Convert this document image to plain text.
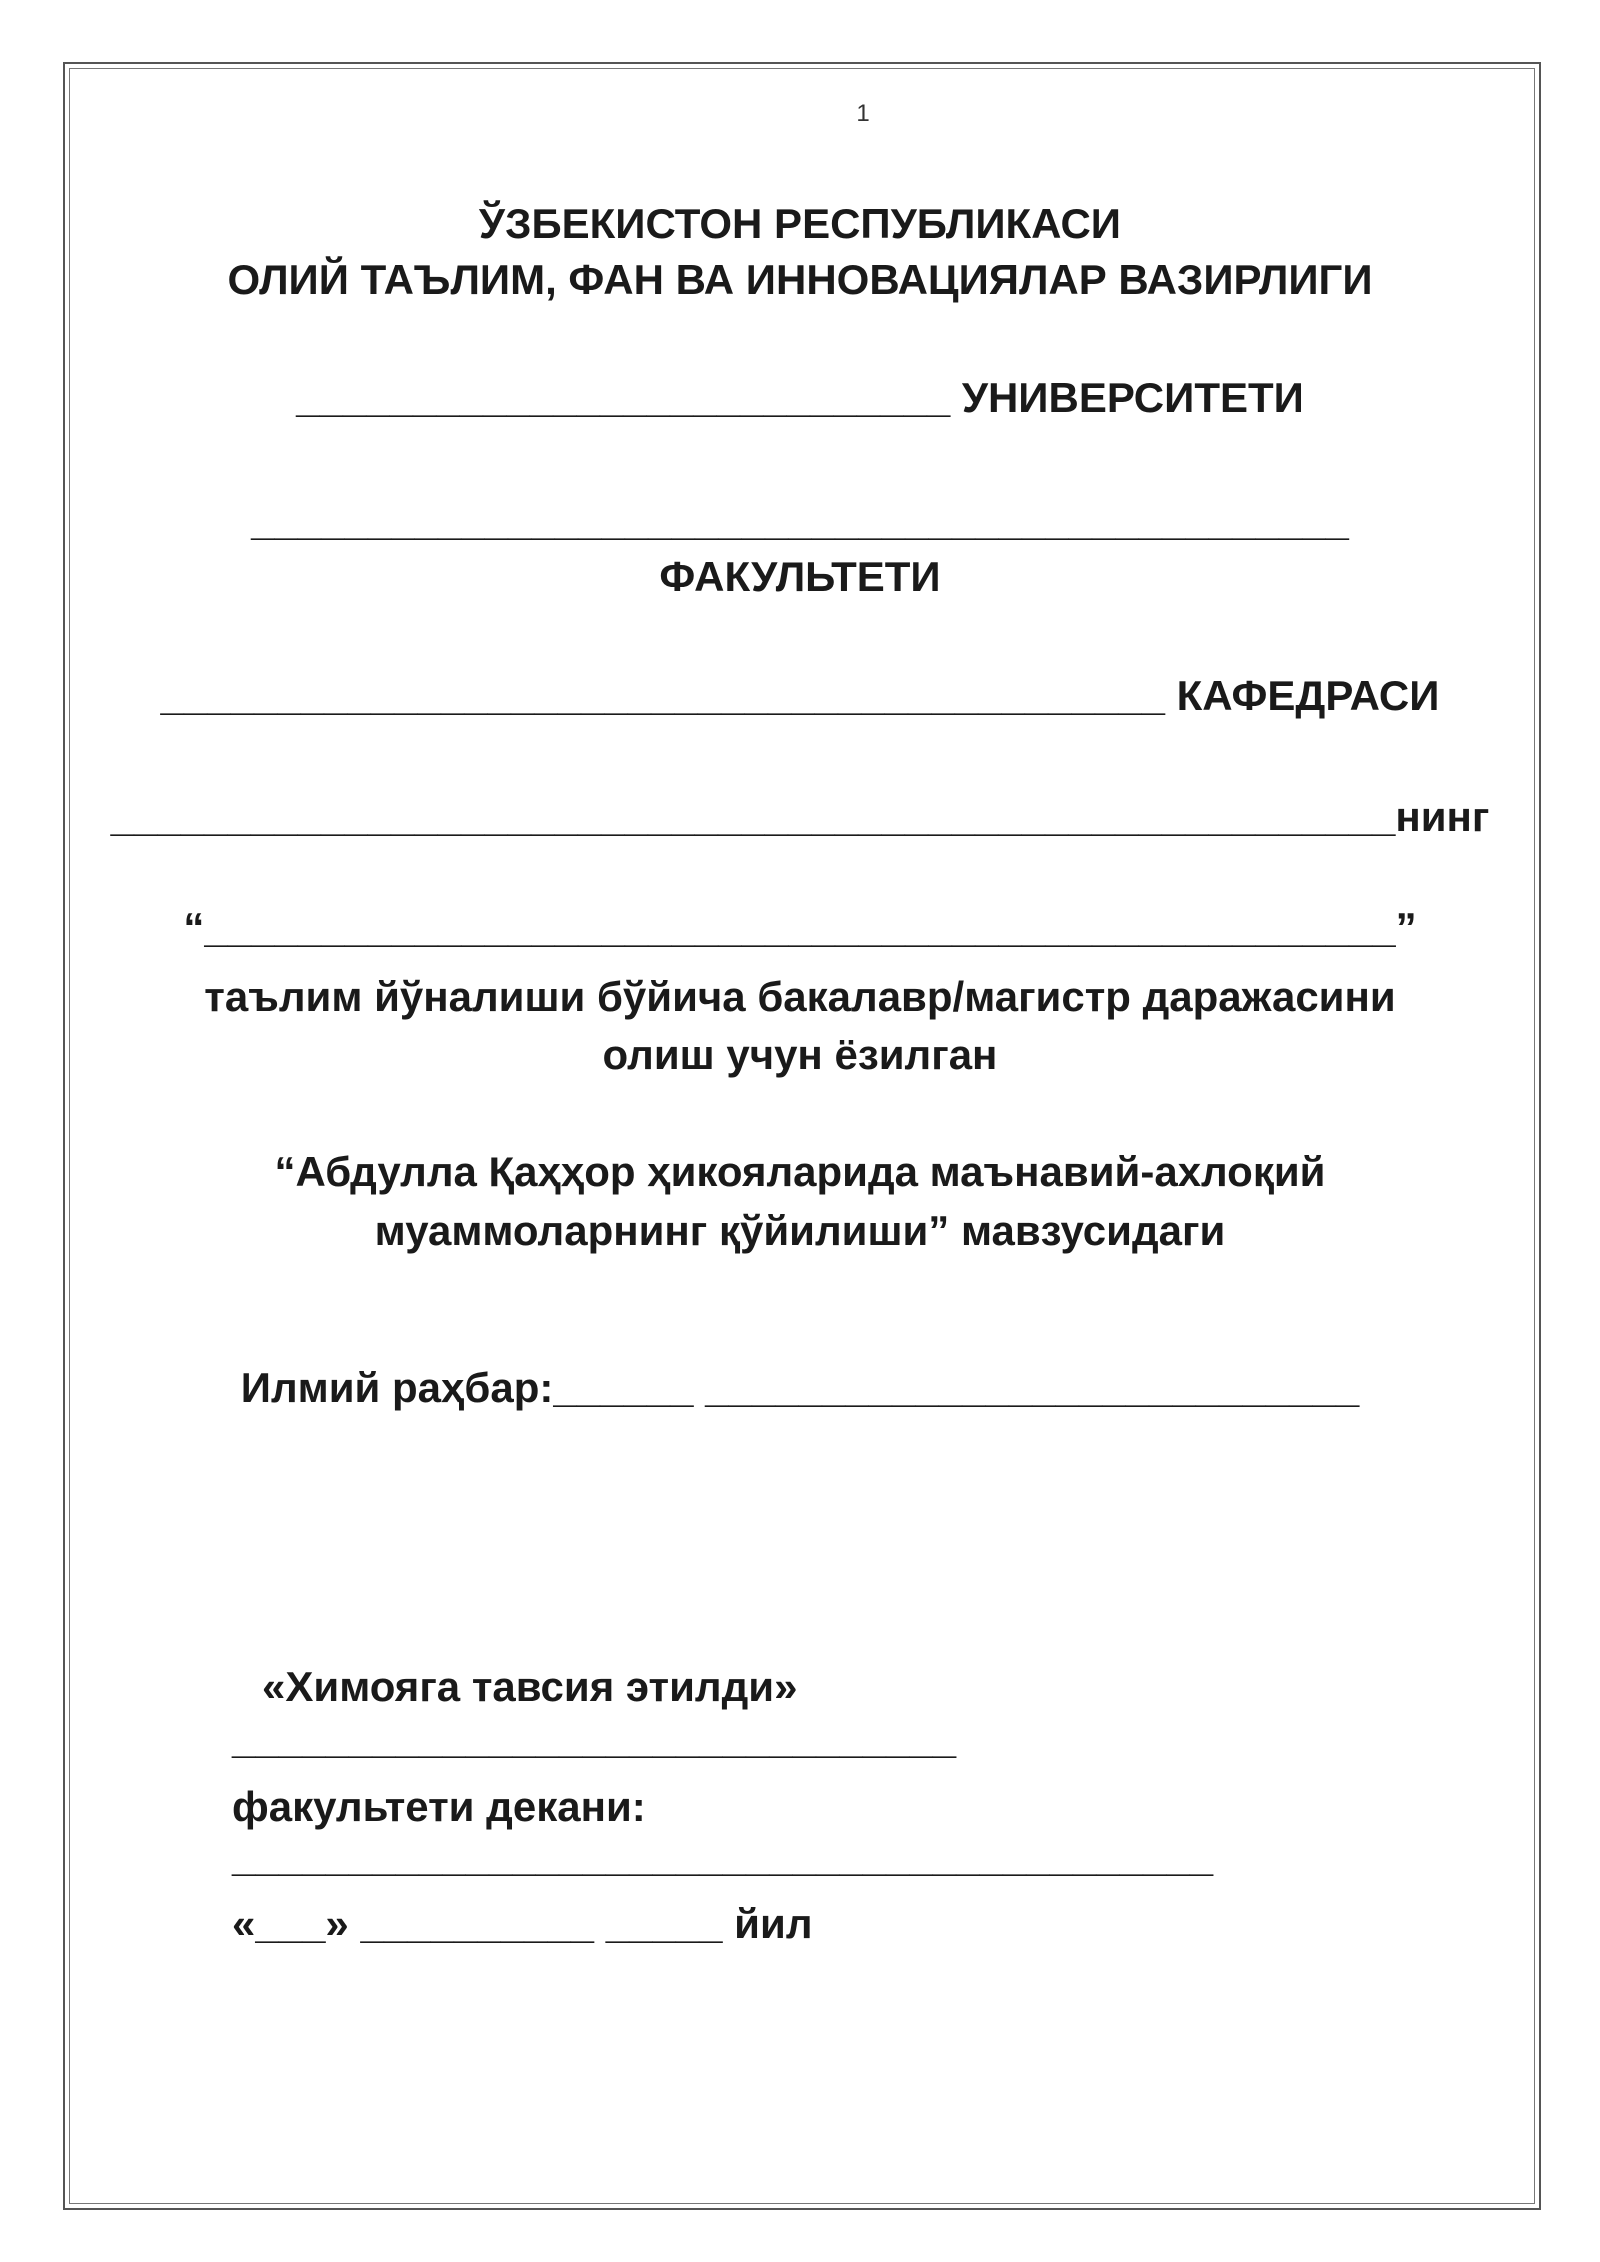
1
ЎЗБЕКИСТОН РЕСПУБЛИКАСИ
ОЛИЙ ТАЪЛИМ, ФАН ВА ИННОВАЦИЯЛАР ВАЗИРЛИГИ
____________________________ УНИВЕРСИТЕТИ
_______________________________________________
ФАКУЛЬТЕТИ
___________________________________________ КАФЕДРАСИ
_______________________________________________________нинг
“___________________________________________________”
таълим йўналиши бўйича бакалавр/магистр даражасини
олиш учун ёзилган
“Абдулла Қаҳҳор ҳикояларида маънавий-ахлоқий
муаммоларнинг қўйилиши” мавзусидаги
Илмий раҳбар:______ ____________________________
«Химояга тавсия этилди»
_______________________________
факультети декани:
__________________________________________
«___» __________ _____ йил
